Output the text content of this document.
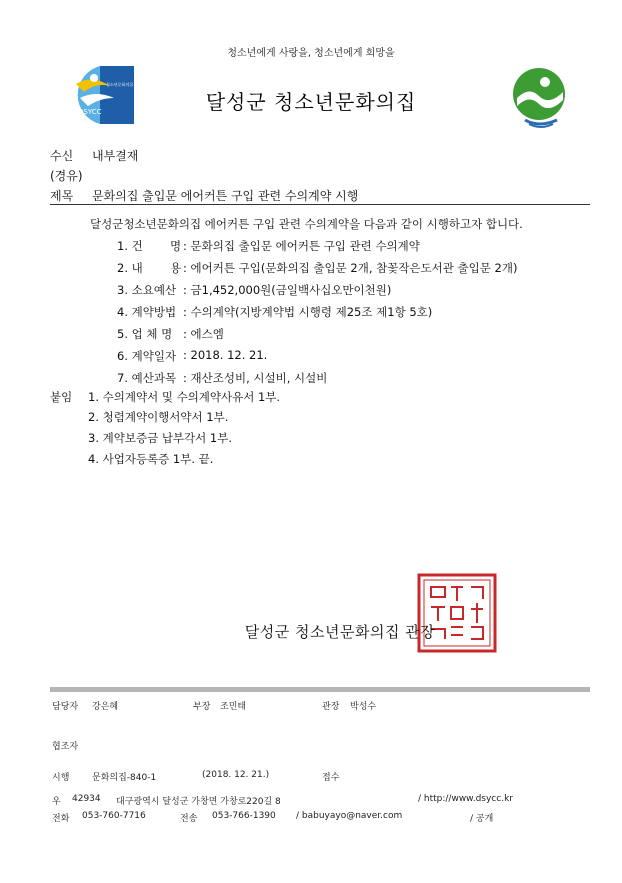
청소년에게 사랑을, 청소년에게 희망을
DSYCC
청소년문화의집
달성군 청소년문화의집
수신 내부결재
(경유)
제목 문화의집 출입문 에어커튼 구입 관련 수의계약 시행
달성군청소년문화의집 에어커튼 구입 관련 수의계약을 다음과 같이 시행하고자 합니다.
1. 건 명 : 문화의집 출입문 에어커튼 구입 관련 수의계약
2. 내 용 : 에어커튼 구입(문화의집 출입문 2개, 참꽃작은도서관 출입문 2개)
3. 소요예산 : 금1,452,000원(금일백사십오만이천원)
4. 계약방법 : 수의계약(지방계약법 시행령 제25조 제1항 5호)
5. 업 체 명 : 에스엠
6. 계약일자 : 2018. 12. 21.
7. 예산과목 : 재산조성비, 시설비, 시설비
붙임 1. 수의계약서 및 수의계약사유서 1부.
2. 청렴계약이행서약서 1부.
3. 계약보증금 납부각서 1부.
4. 사업자등록증 1부. 끝.
달성군 청소년문화의집 관장
담당자 강은혜	부장 조민태	관장 박성수
협조자
시행	문화의집-840-1	(2018. 12. 21.)	접수
우 42934 대구광역시 달성군 가창면 가창로220길 8	/ http://www.dsycc.kr
전화 053-760-7716	전송 053-766-1390 / babuyayo@naver.com	/ 공개
